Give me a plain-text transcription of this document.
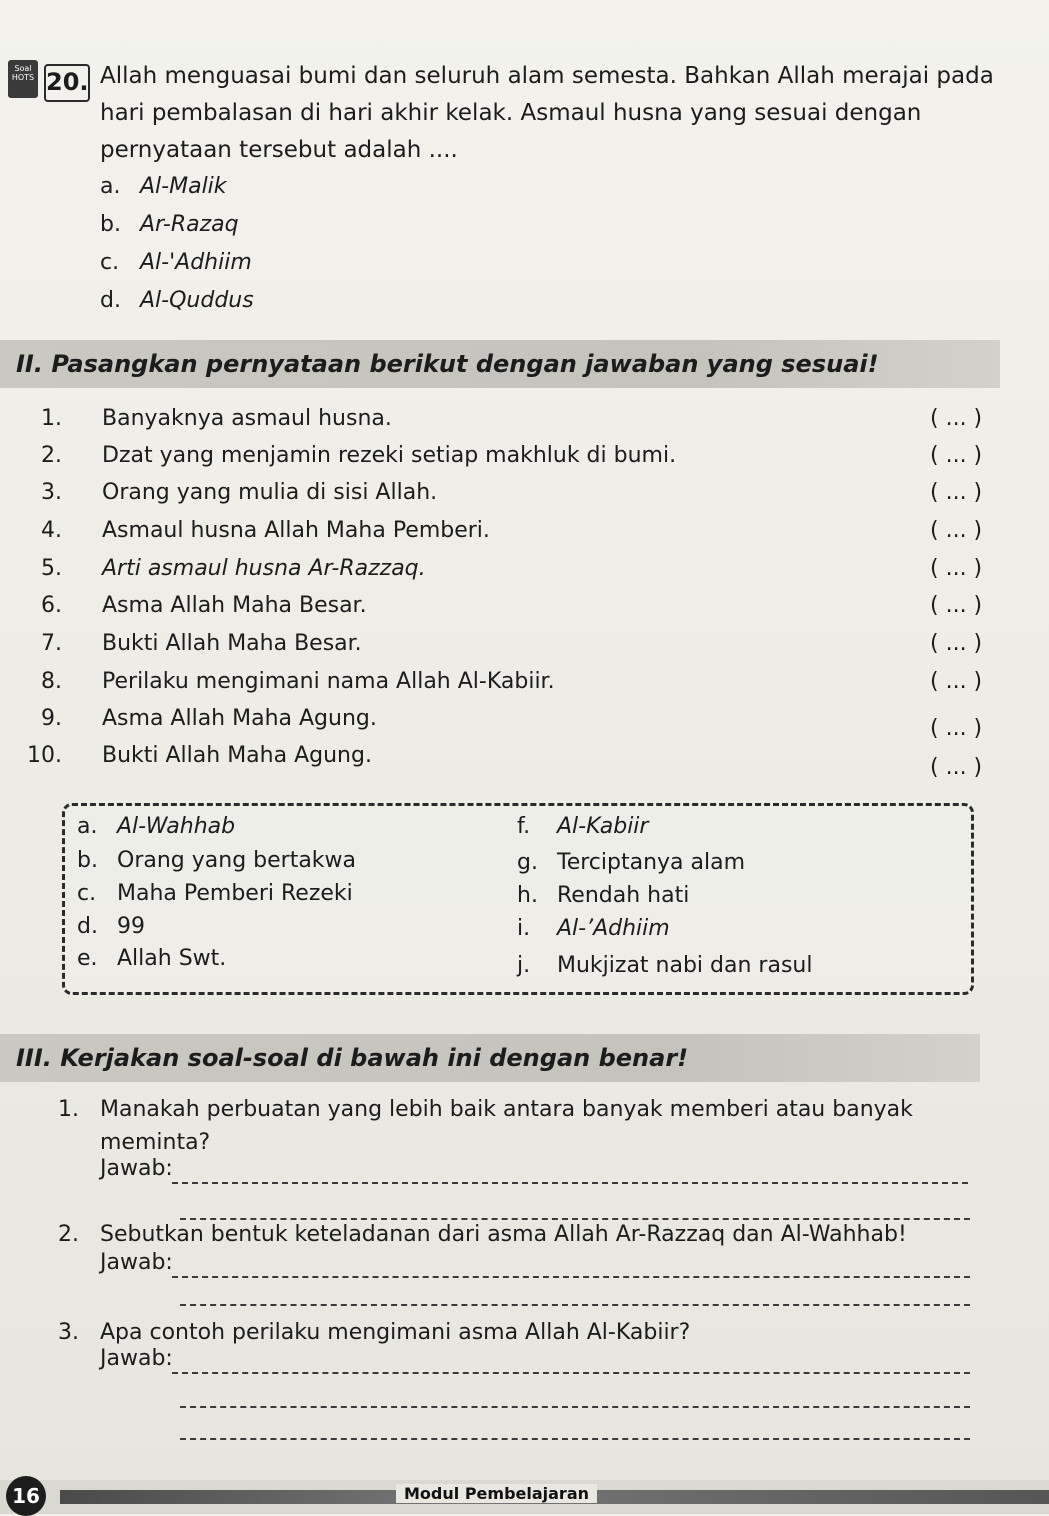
Soal HOTS 20. Allah menguasai bumi dan seluruh alam semesta. Bahkan Allah merajai pada hari pembalasan di hari akhir kelak. Asmaul husna yang sesuai dengan pernyataan tersebut adalah ....
a. Al-Malik
b. Ar-Razaq
c. Al-'Adhiim
d. Al-Quddus
II. Pasangkan pernyataan berikut dengan jawaban yang sesuai!
1. Banyaknya asmaul husna.	( ... )
2. Dzat yang menjamin rezeki setiap makhluk di bumi.	( ... )
3. Orang yang mulia di sisi Allah.	( ... )
4. Asmaul husna Allah Maha Pemberi.	( ... )
5. Arti asmaul husna Ar-Razzaq.	( ... )
6. Asma Allah Maha Besar.	( ... )
7. Bukti Allah Maha Besar.	( ... )
8. Perilaku mengimani nama Allah Al-Kabiir.	( ... )
9. Asma Allah Maha Agung.	( ... )
10. Bukti Allah Maha Agung.	( ... )
a. Al-Wahhab
b. Orang yang bertakwa
c. Maha Pemberi Rezeki
d. 99
e. Allah Swt.
f. Al-Kabiir
g. Terciptanya alam
h. Rendah hati
i. Al-’Adhiim
j. Mukjizat nabi dan rasul
III. Kerjakan soal-soal di bawah ini dengan benar!
1. Manakah perbuatan yang lebih baik antara banyak memberi atau banyak meminta?
Jawab:
2. Sebutkan bentuk keteladanan dari asma Allah Ar-Razzaq dan Al-Wahhab!
Jawab:
3. Apa contoh perilaku mengimani asma Allah Al-Kabiir?
Jawab:
16	Modul Pembelajaran
